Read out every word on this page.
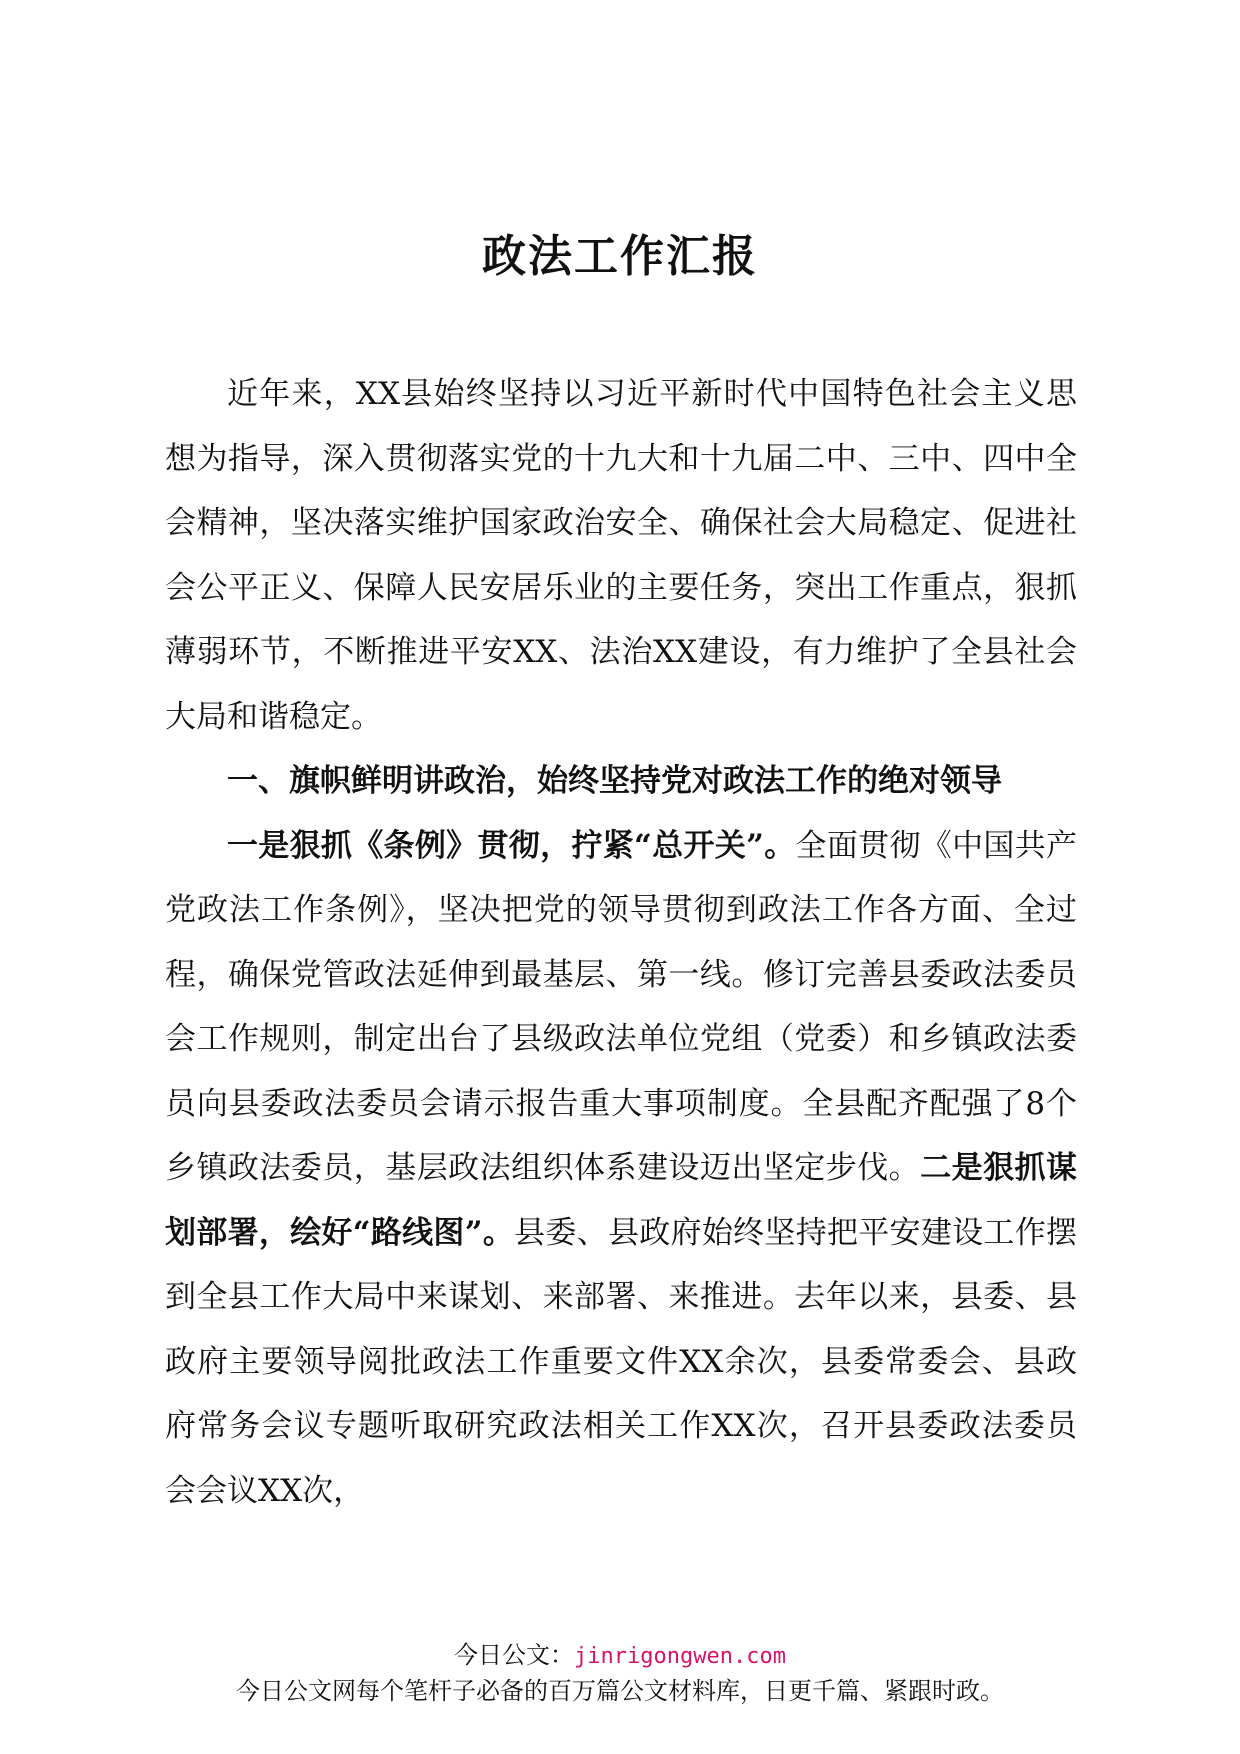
政法工作汇报

近年来，XX县始终坚持以习近平新时代中国特色社会主义思想为指导，深入贯彻落实党的十九大和十九届二中、三中、四中全会精神，坚决落实维护国家政治安全、确保社会大局稳定、促进社会公平正义、保障人民安居乐业的主要任务，突出工作重点，狠抓薄弱环节，不断推进平安XX、法治XX建设，有力维护了全县社会大局和谐稳定。

一、旗帜鲜明讲政治，始终坚持党对政法工作的绝对领导

一是狠抓《条例》贯彻，拧紧“总开关”。全面贯彻《中国共产党政法工作条例》，坚决把党的领导贯彻到政法工作各方面、全过程，确保党管政法延伸到最基层、第一线。修订完善县委政法委员会工作规则，制定出台了县级政法单位党组（党委）和乡镇政法委员向县委政法委员会请示报告重大事项制度。全县配齐配强了8个乡镇政法委员，基层政法组织体系建设迈出坚定步伐。二是狠抓谋划部署，绘好“路线图”。县委、县政府始终坚持把平安建设工作摆到全县工作大局中来谋划、来部署、来推进。去年以来，县委、县政府主要领导阅批政法工作重要文件XX余次，县委常委会、县政府常务会议专题听取研究政法相关工作XX次，召开县委政法委员会会议XX次，

今日公文：jinrigongwen.com
今日公文网每个笔杆子必备的百万篇公文材料库，日更千篇、紧跟时政。
